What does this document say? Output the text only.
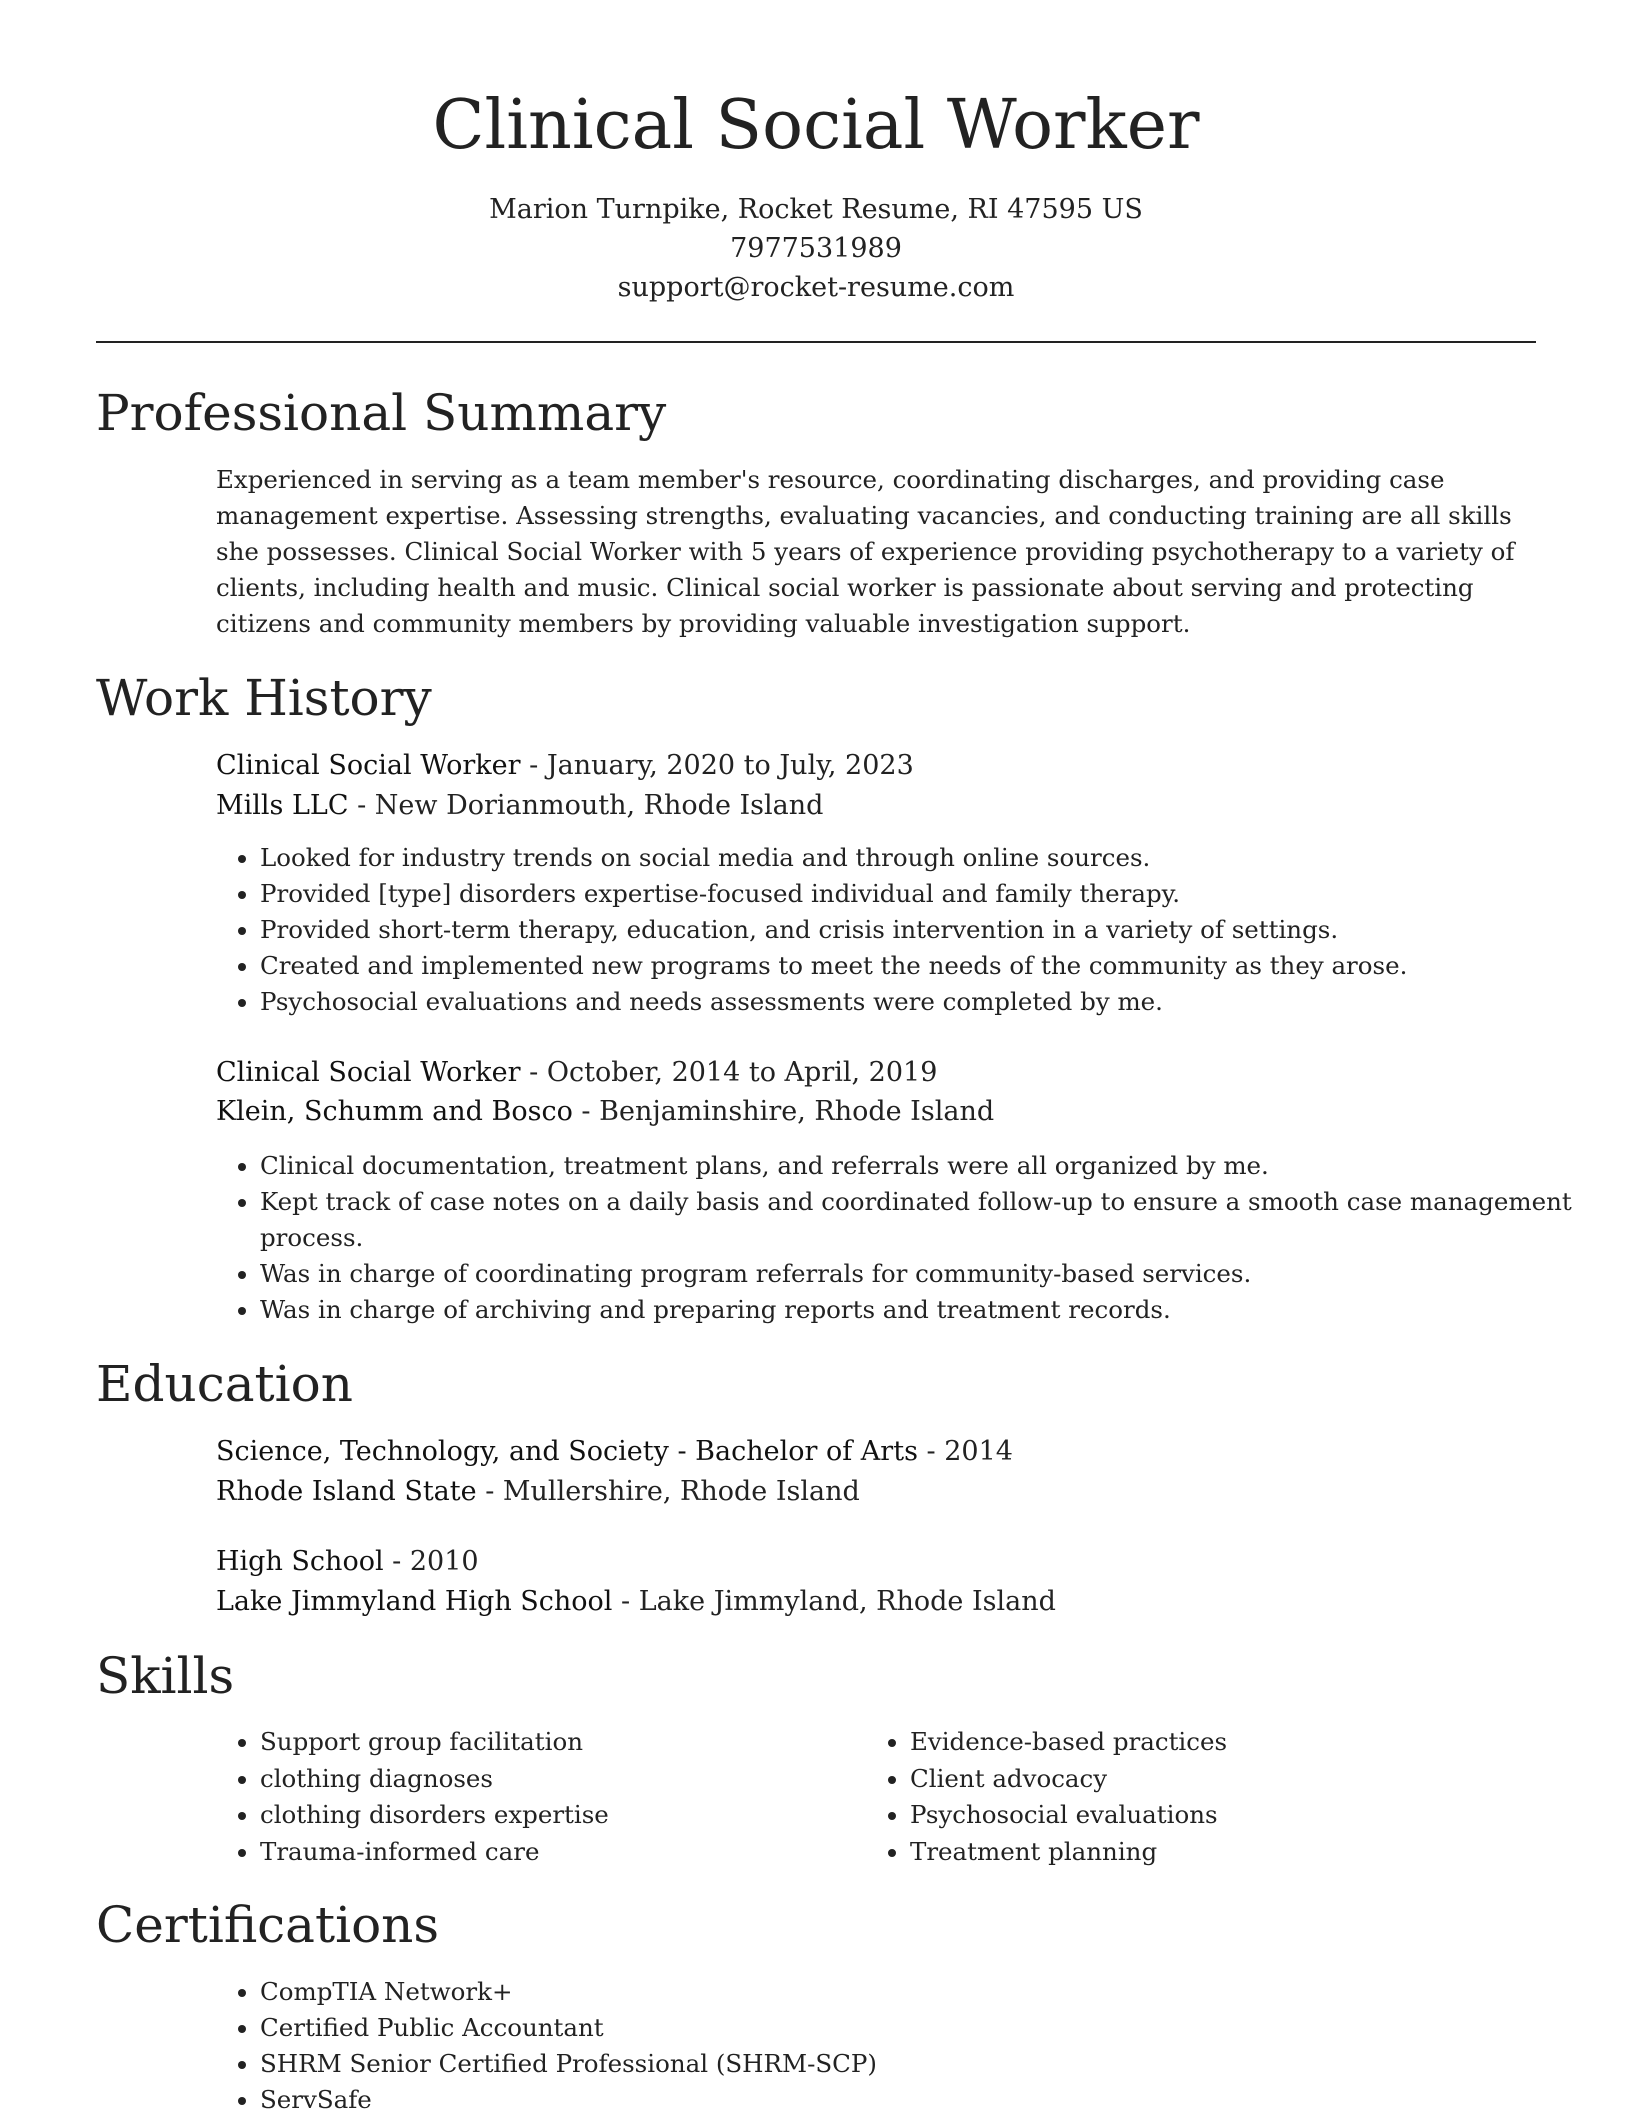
Clinical Social Worker
Marion Turnpike, Rocket Resume, RI 47595 US
7977531989
support@rocket-resume.com
Professional Summary
Experienced in serving as a team member's resource, coordinating discharges, and providing case management expertise. Assessing strengths, evaluating vacancies, and conducting training are all skills she possesses. Clinical Social Worker with 5 years of experience providing psychotherapy to a variety of clients, including health and music. Clinical social worker is passionate about serving and protecting citizens and community members by providing valuable investigation support.
Work History
Clinical Social Worker - January, 2020 to July, 2023
Mills LLC - New Dorianmouth, Rhode Island
• Looked for industry trends on social media and through online sources.
• Provided [type] disorders expertise-focused individual and family therapy.
• Provided short-term therapy, education, and crisis intervention in a variety of settings.
• Created and implemented new programs to meet the needs of the community as they arose.
• Psychosocial evaluations and needs assessments were completed by me.
Clinical Social Worker - October, 2014 to April, 2019
Klein, Schumm and Bosco - Benjaminshire, Rhode Island
• Clinical documentation, treatment plans, and referrals were all organized by me.
• Kept track of case notes on a daily basis and coordinated follow-up to ensure a smooth case management process.
• Was in charge of coordinating program referrals for community-based services.
• Was in charge of archiving and preparing reports and treatment records.
Education
Science, Technology, and Society - Bachelor of Arts - 2014
Rhode Island State - Mullershire, Rhode Island
High School - 2010
Lake Jimmyland High School - Lake Jimmyland, Rhode Island
Skills
• Support group facilitation
• clothing diagnoses
• clothing disorders expertise
• Trauma-informed care
• Evidence-based practices
• Client advocacy
• Psychosocial evaluations
• Treatment planning
Certifications
• CompTIA Network+
• Certified Public Accountant
• SHRM Senior Certified Professional (SHRM-SCP)
• ServSafe
